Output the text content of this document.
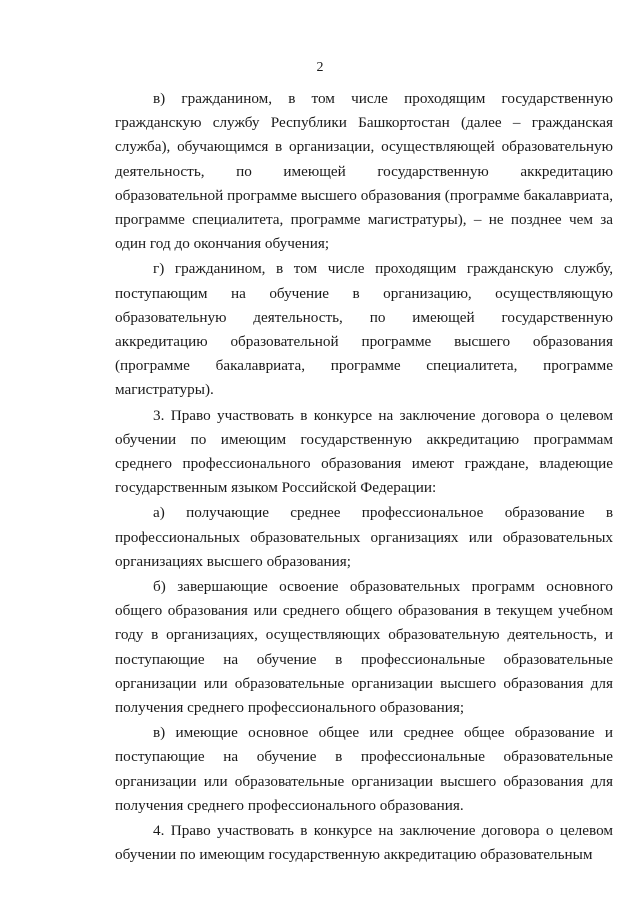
2

в) гражданином, в том числе проходящим государственную гражданскую службу Республики Башкортостан (далее – гражданская служба), обучающимся в организации, осуществляющей образовательную деятельность, по имеющей государственную аккредитацию образовательной программе высшего образования (программе бакалавриата, программе специалитета, программе магистратуры), – не позднее чем за один год до окончания обучения;

г) гражданином, в том числе проходящим гражданскую службу, поступающим на обучение в организацию, осуществляющую образовательную деятельность, по имеющей государственную аккредитацию образовательной программе высшего образования (программе бакалавриата, программе специалитета, программе магистратуры).

3. Право участвовать в конкурсе на заключение договора о целевом обучении по имеющим государственную аккредитацию программам среднего профессионального образования имеют граждане, владеющие государственным языком Российской Федерации:

а) получающие среднее профессиональное образование в профессиональных образовательных организациях или образовательных организациях высшего образования;

б) завершающие освоение образовательных программ основного общего образования или среднего общего образования в текущем учебном году в организациях, осуществляющих образовательную деятельность, и поступающие на обучение в профессиональные образовательные организации или образовательные организации высшего образования для получения среднего профессионального образования;

в) имеющие основное общее или среднее общее образование и поступающие на обучение в профессиональные образовательные организации или образовательные организации высшего образования для получения среднего профессионального образования.

4. Право участвовать в конкурсе на заключение договора о целевом обучении по имеющим государственную аккредитацию образовательным
